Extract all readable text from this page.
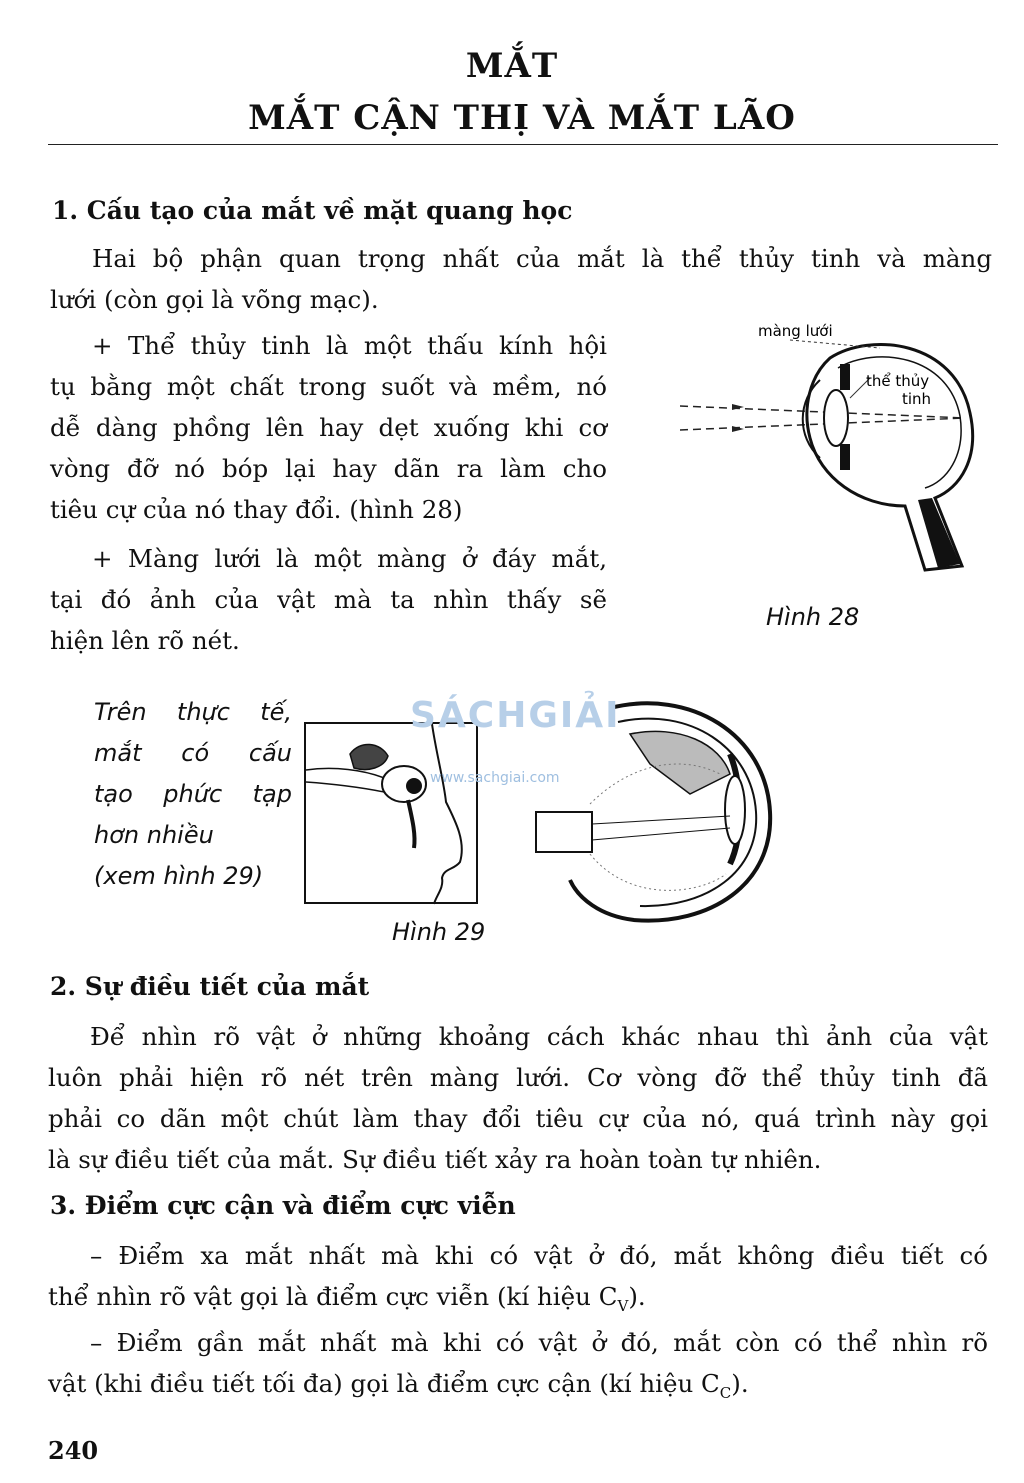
MẮT
MẮT CẬN THỊ VÀ MẮT LÃO
1. Cấu tạo của mắt về mặt quang học
Hai bộ phận quan trọng nhất của mắt là thể thủy tinh và màng
lưới (còn gọi là võng mạc).
+ Thể thủy tinh là một thấu kính hội
tụ bằng một chất trong suốt và mềm, nó
dễ dàng phồng lên hay dẹt xuống khi cơ
vòng đỡ nó bóp lại hay dãn ra làm cho
tiêu cự của nó thay đổi. (hình 28)
+ Màng lưới là một màng ở đáy mắt,
tại đó ảnh của vật mà ta nhìn thấy sẽ
hiện lên rõ nét.
màng lưới
thể thủy
tinh
Hình 28
Trên thực tế,
mắt có cấu
tạo phức tạp
hơn nhiều
(xem hình 29)
SÁCHGIẢI
www.sachgiai.com
Hình 29
2. Sự điều tiết của mắt
Để nhìn rõ vật ở những khoảng cách khác nhau thì ảnh của vật
luôn phải hiện rõ nét trên màng lưới. Cơ vòng đỡ thể thủy tinh đã
phải co dãn một chút làm thay đổi tiêu cự của nó, quá trình này gọi
là sự điều tiết của mắt. Sự điều tiết xảy ra hoàn toàn tự nhiên.
3. Điểm cực cận và điểm cực viễn
– Điểm xa mắt nhất mà khi có vật ở đó, mắt không điều tiết có
thể nhìn rõ vật gọi là điểm cực viễn (kí hiệu $C_V$).
– Điểm gần mắt nhất mà khi có vật ở đó, mắt còn có thể nhìn rõ
vật (khi điều tiết tối đa) gọi là điểm cực cận (kí hiệu $C_C$).
240
